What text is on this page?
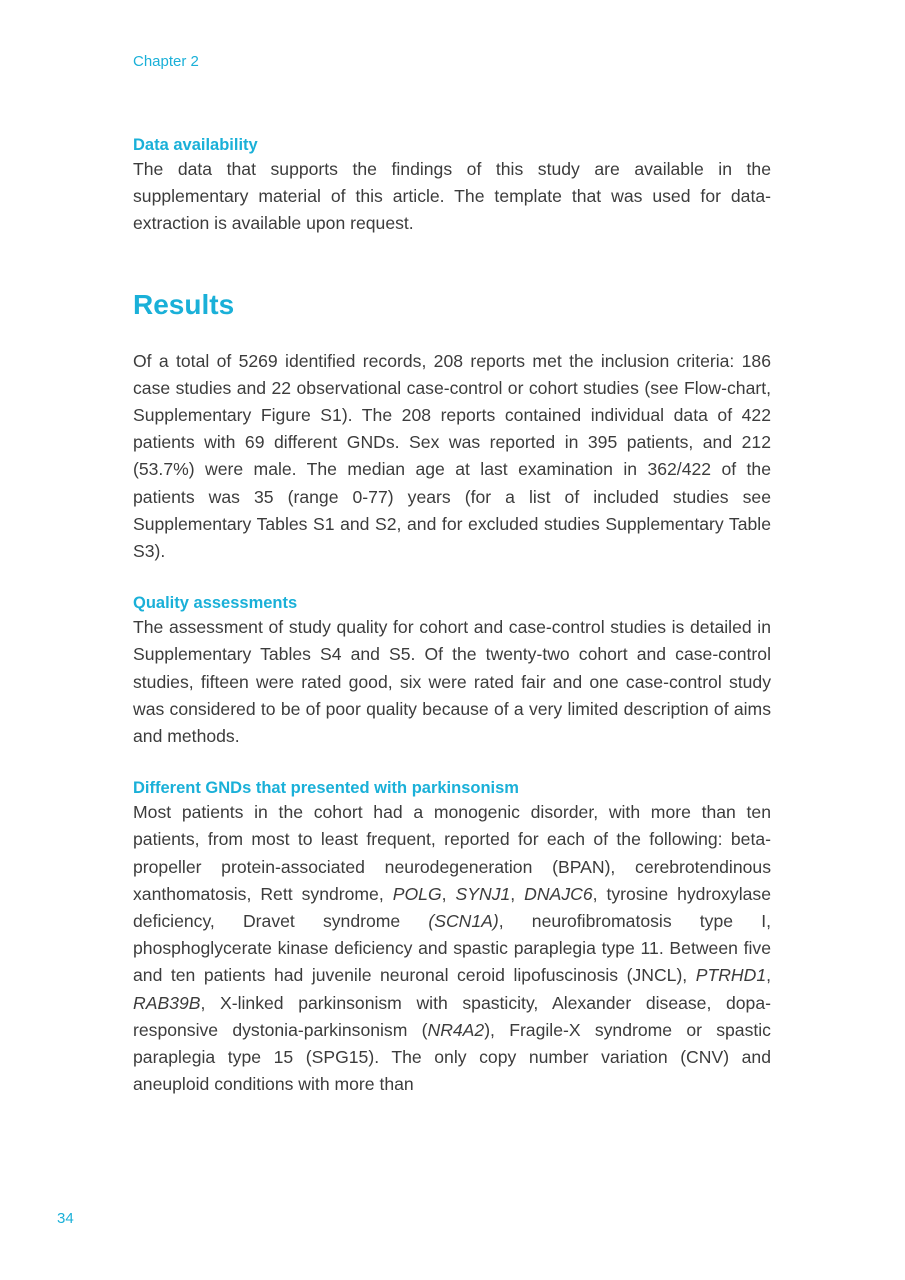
Chapter 2
Data availability

The data that supports the findings of this study are available in the supplementary material of this article. The template that was used for data-extraction is available upon request.

Results

Of a total of 5269 identified records, 208 reports met the inclusion criteria: 186 case studies and 22 observational case-control or cohort studies (see Flow-chart, Supplementary Figure S1). The 208 reports contained individual data of 422 patients with 69 different GNDs. Sex was reported in 395 patients, and 212 (53.7%) were male. The median age at last examination in 362/422 of the patients was 35 (range 0-77) years (for a list of included studies see Supplementary Tables S1 and S2, and for excluded studies Supplementary Table S3).

Quality assessments

The assessment of study quality for cohort and case-control studies is detailed in Supplementary Tables S4 and S5. Of the twenty-two cohort and case-control studies, fifteen were rated good, six were rated fair and one case-control study was considered to be of poor quality because of a very limited description of aims and methods.

Different GNDs that presented with parkinsonism

Most patients in the cohort had a monogenic disorder, with more than ten patients, from most to least frequent, reported for each of the following: beta-propeller protein-associated neurodegeneration (BPAN), cerebrotendinous xanthomatosis, Rett syndrome, POLG, SYNJ1, DNAJC6, tyrosine hydroxylase deficiency, Dravet syndrome (SCN1A), neurofibromatosis type I, phosphoglycerate kinase deficiency and spastic paraplegia type 11. Between five and ten patients had juvenile neuronal ceroid lipofuscinosis (JNCL), PTRHD1, RAB39B, X-linked parkinsonism with spasticity, Alexander disease, dopa-responsive dystonia-parkinsonism (NR4A2), Fragile-X syndrome or spastic paraplegia type 15 (SPG15). The only copy number variation (CNV) and aneuploid conditions with more than

34
